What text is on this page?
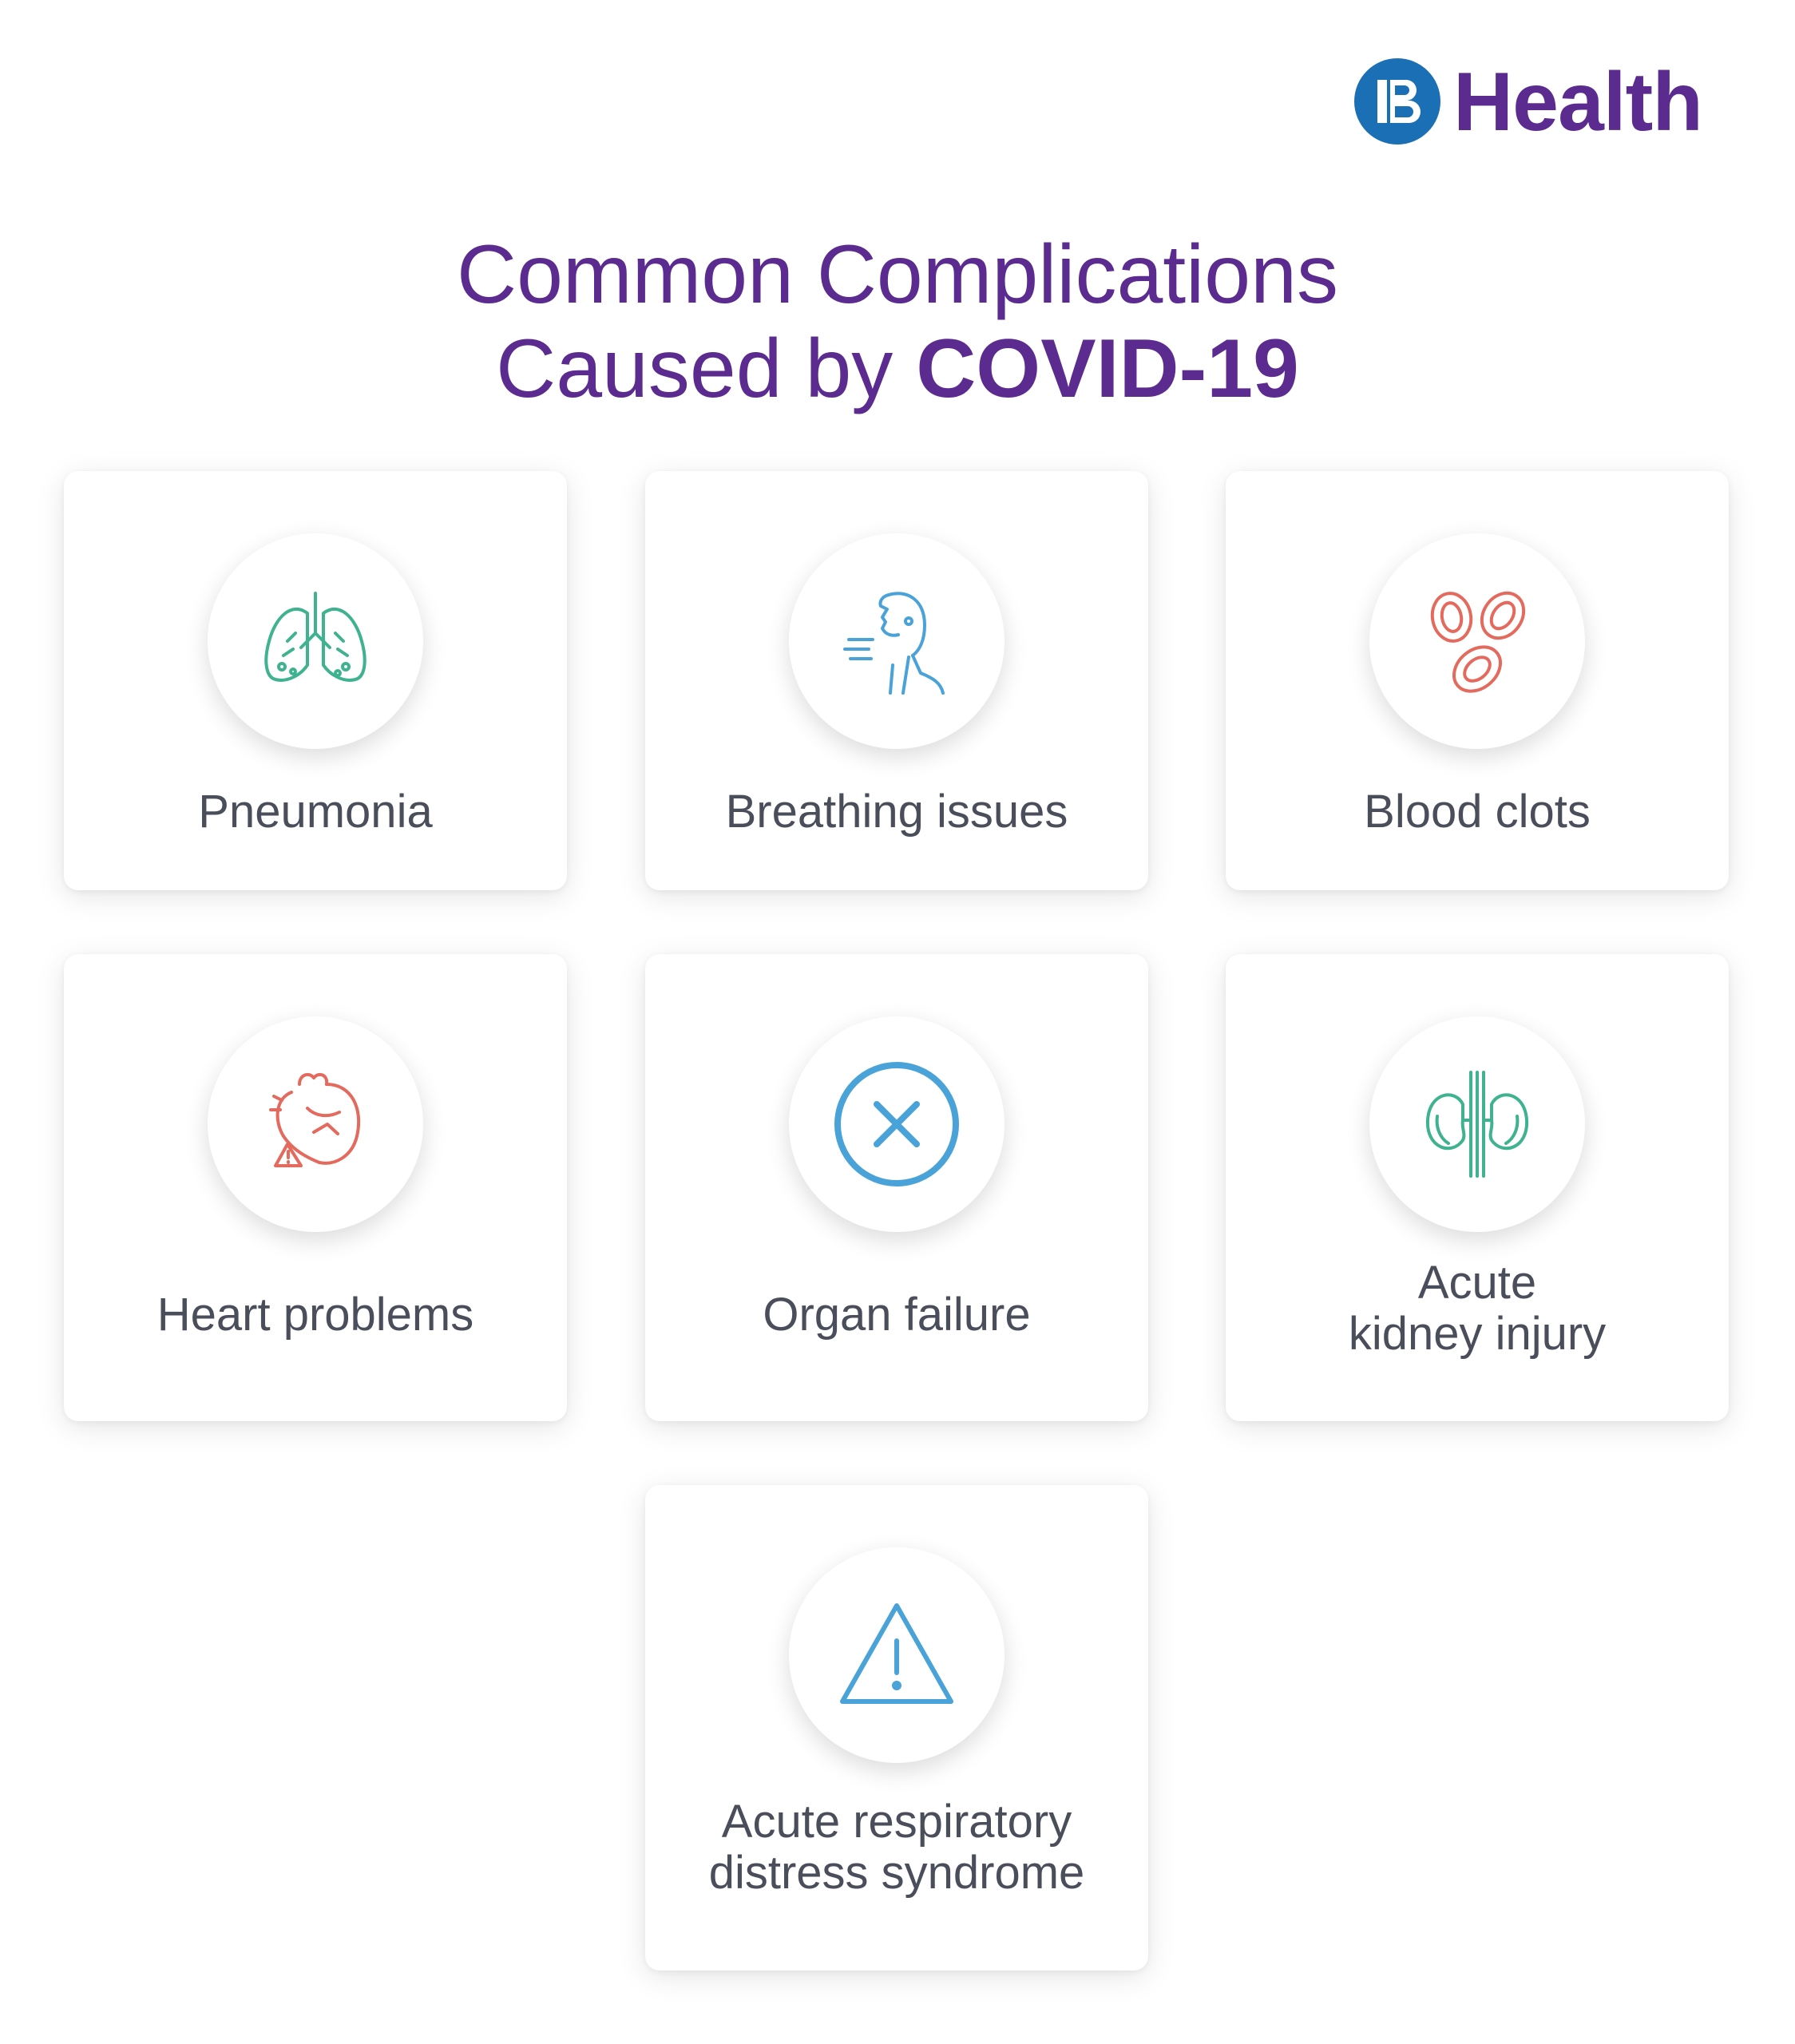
Health
Common Complications
Caused by COVID-19
Pneumonia	Breathing issues	Blood clots
Heart problems	Organ failure
Acute
kidney injury
Acute respiratory
distress syndrome
